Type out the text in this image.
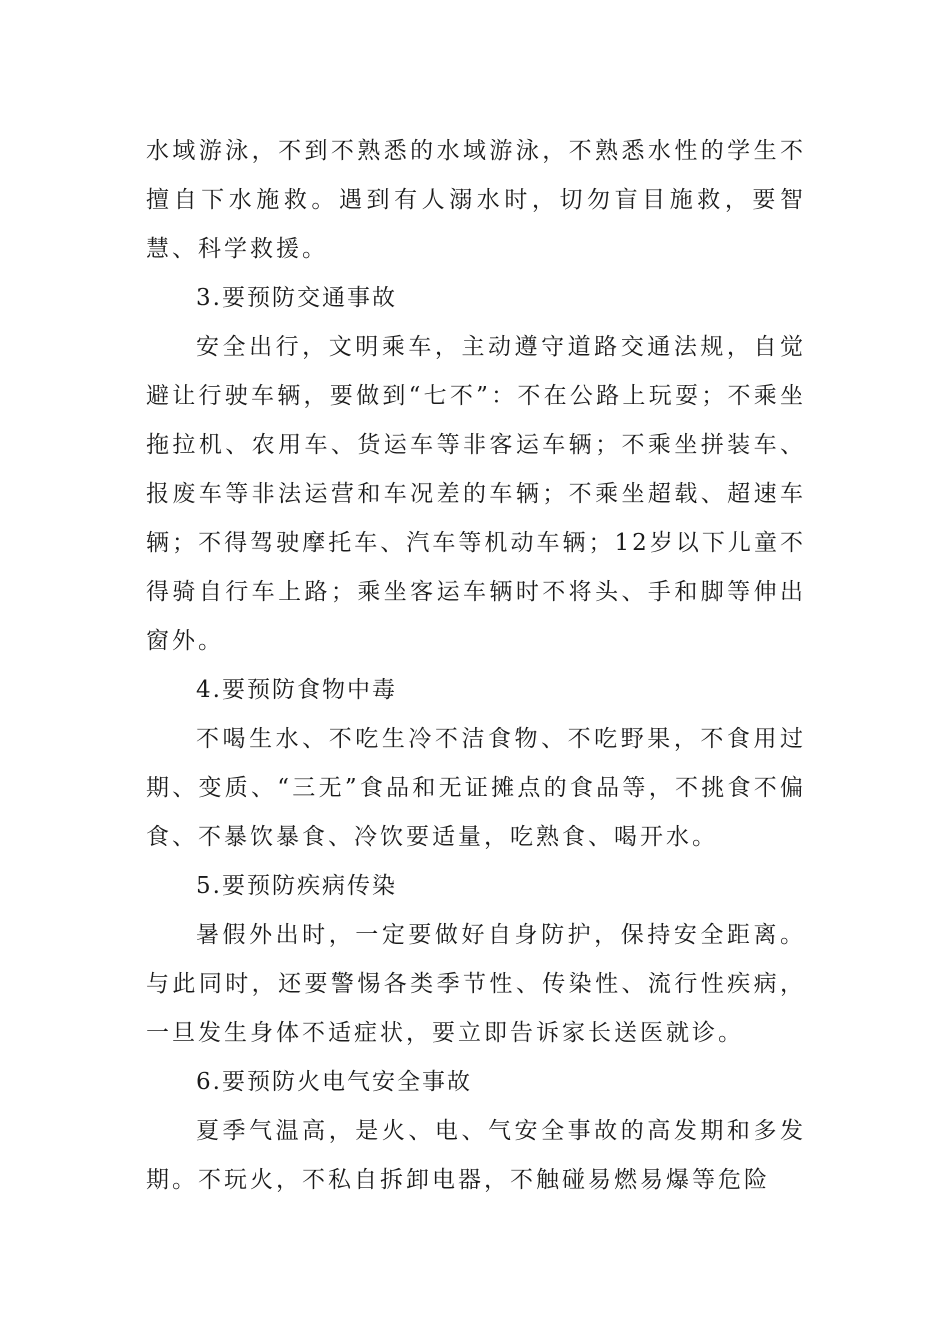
水域游泳，不到不熟悉的水域游泳，不熟悉水性的学生不擅自下水施救。遇到有人溺水时，切勿盲目施救，要智慧、科学救援。

3.要预防交通事故

安全出行，文明乘车，主动遵守道路交通法规，自觉避让行驶车辆，要做到“七不”：不在公路上玩耍；不乘坐拖拉机、农用车、货运车等非客运车辆；不乘坐拼装车、报废车等非法运营和车况差的车辆；不乘坐超载、超速车辆；不得驾驶摩托车、汽车等机动车辆；12岁以下儿童不得骑自行车上路；乘坐客运车辆时不将头、手和脚等伸出窗外。

4.要预防食物中毒

不喝生水、不吃生冷不洁食物、不吃野果，不食用过期、变质、“三无”食品和无证摊点的食品等，不挑食不偏食、不暴饮暴食、冷饮要适量，吃熟食、喝开水。

5.要预防疾病传染

暑假外出时，一定要做好自身防护，保持安全距离。与此同时，还要警惕各类季节性、传染性、流行性疾病，一旦发生身体不适症状，要立即告诉家长送医就诊。

6.要预防火电气安全事故

夏季气温高，是火、电、气安全事故的高发期和多发期。不玩火，不私自拆卸电器，不触碰易燃易爆等危险
